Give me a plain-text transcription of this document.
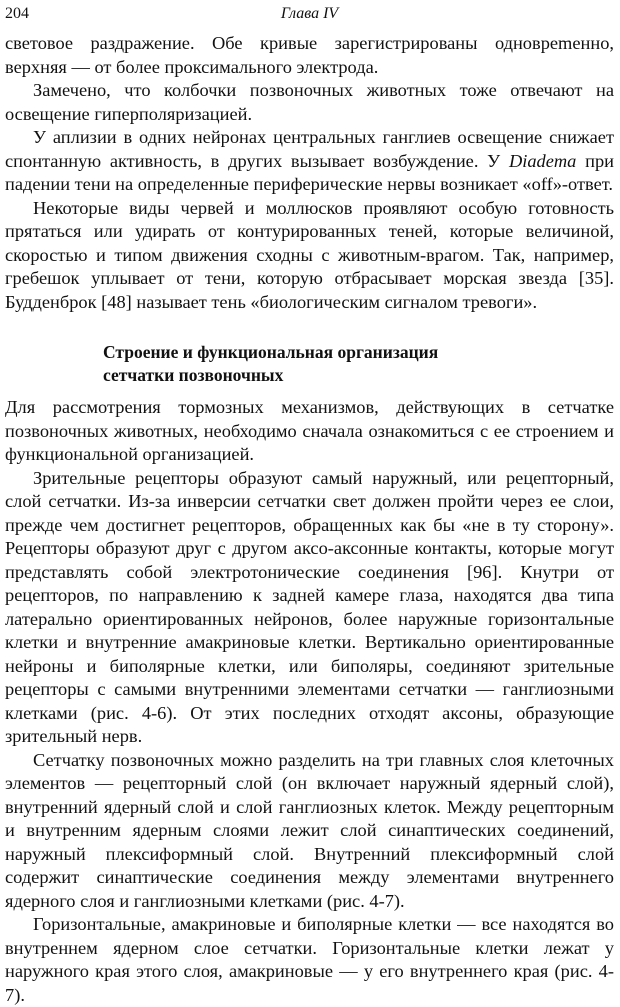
204	Глава IV

световое раздражение. Обе кривые зарегистрированы одновреmенно, верхняя — от более проксимального электрода.

Замечено, что колбочки позвоночных животных тоже отвечают на освещение гиперполяризацией.

У аплизии в одних нейронах центральных ганглиев освещение снижает спонтанную активность, в других вызывает возбуждение. У Diadema при падении тени на определенные периферические нервы возникает «off»-ответ.

Некоторые виды червей и моллюсков проявляют особую готовность прятаться или удирать от контурированных теней, которые величиной, скоростью и типом движения сходны с животным-врагом. Так, например, гребешок уплывает от тени, которую отбрасывает морская звезда [35]. Будденброк [48] называет тень «биологическим сигналом тревоги».

Строение и функциональная организация
сетчатки позвоночных

Для рассмотрения тормозных механизмов, действующих в сетчатке позвоночных животных, необходимо сначала ознакомиться с ее строением и функциональной организацией.

Зрительные рецепторы образуют самый наружный, или рецепторный, слой сетчатки. Из-за инверсии сетчатки свет должен пройти через ее слои, прежде чем достигнет рецепторов, обращенных как бы «не в ту сторону». Рецепторы образуют друг с другом аксо-аксонные контакты, которые могут представлять собой электротонические соединения [96]. Кнутри от рецепторов, по направлению к задней камере глаза, находятся два типа латерально ориентированных нейронов, более наружные горизонтальные клетки и внутренние амакриновые клетки. Вертикально ориентированные нейроны и биполярные клетки, или биполяры, соединяют зрительные рецепторы с самыми внутренними элементами сетчатки — ганглиозными клетками (рис. 4-6). От этих последних отходят аксоны, образующие зрительный нерв.

Сетчатку позвоночных можно разделить на три главных слоя клеточных элементов — рецепторный слой (он включает наружный ядерный слой), внутренний ядерный слой и слой ганглиозных клеток. Между рецепторным и внутренним ядерным слоями лежит слой синаптических соединений, наружный плексиформный слой. Внутренний плексиформный слой содержит синаптические соединения между элементами внутреннего ядерного слоя и ганглиозными клетками (рис. 4-7).

Горизонтальные, амакриновые и биполярные клетки — все находятся во внутреннем ядерном слое сетчатки. Горизонтальные клетки лежат у наружного края этого слоя, амакриновые — у его внутреннего края (рис. 4-7).
